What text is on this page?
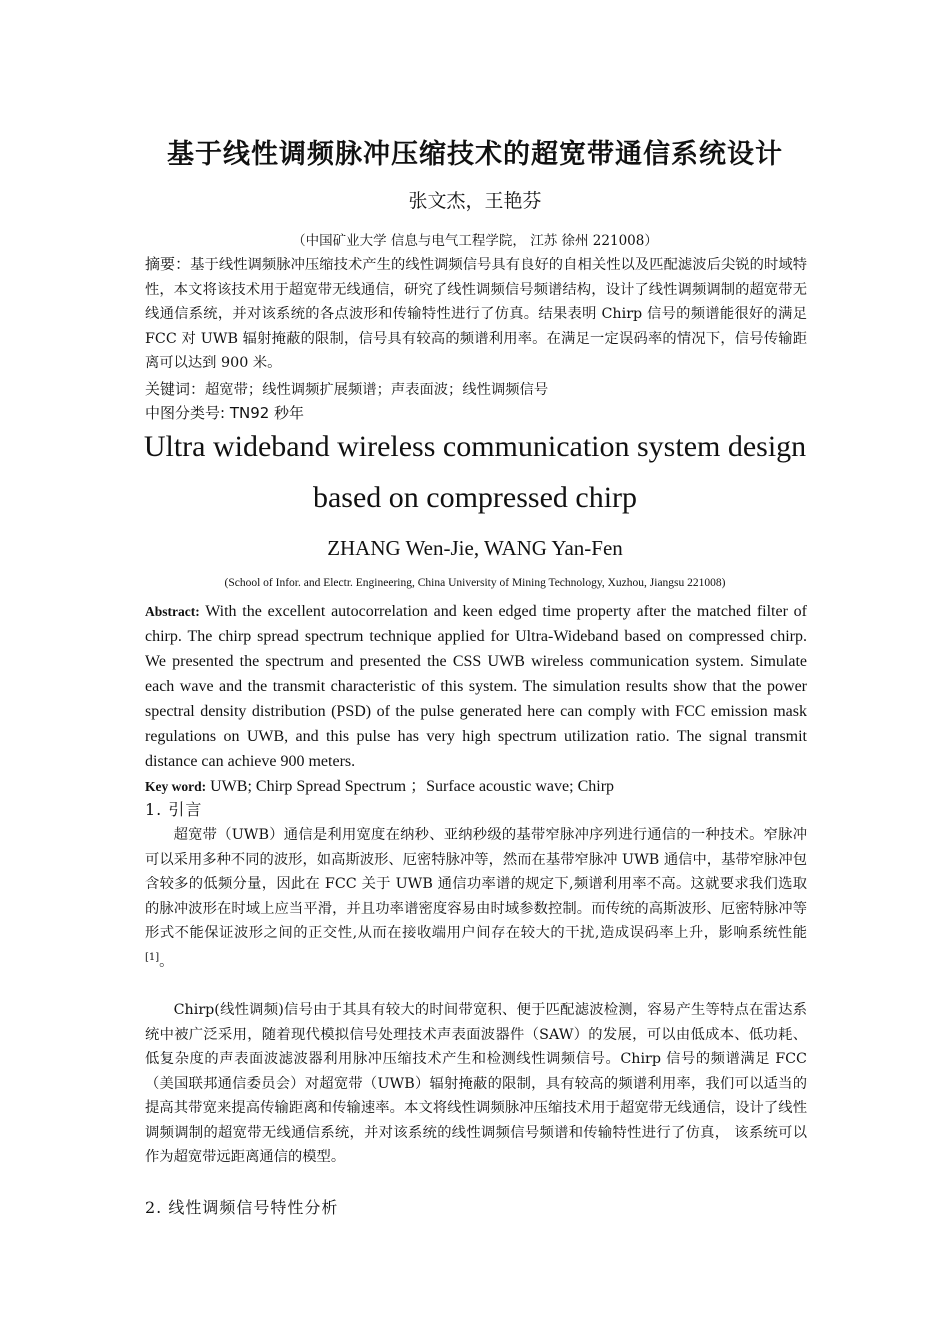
基于线性调频脉冲压缩技术的超宽带通信系统设计
张文杰，王艳芬
（中国矿业大学 信息与电气工程学院， 江苏 徐州 221008）

摘要：基于线性调频脉冲压缩技术产生的线性调频信号具有良好的自相关性以及匹配滤波后尖锐的时域特性，本文将该技术用于超宽带无线通信，研究了线性调频信号频谱结构，设计了线性调频调制的超宽带无线通信系统，并对该系统的各点波形和传输特性进行了仿真。结果表明 Chirp 信号的频谱能很好的满足 FCC 对 UWB 辐射掩蔽的限制，信号具有较高的频谱利用率。在满足一定误码率的情况下，信号传输距离可以达到 900 米。

关键词：超宽带；线性调频扩展频谱；声表面波；线性调频信号

中图分类号: TN92 秒年

Ultra wideband wireless communication system design
based on compressed chirp
ZHANG Wen-Jie, WANG Yan-Fen
(School of Infor. and Electr. Engineering, China University of Mining Technology, Xuzhou, Jiangsu 221008)

Abstract: With the excellent autocorrelation and keen edged time property after the matched filter of chirp. The chirp spread spectrum technique applied for Ultra-Wideband based on compressed chirp. We presented the spectrum and presented the CSS UWB wireless communication system. Simulate each wave and the transmit characteristic of this system. The simulation results show that the power spectral density distribution (PSD) of the pulse generated here can comply with FCC emission mask regulations on UWB, and this pulse has very high spectrum utilization ratio. The signal transmit distance can achieve 900 meters.

Key word: UWB; Chirp Spread Spectrum ；Surface acoustic wave; Chirp

1. 引言

超宽带（UWB）通信是利用宽度在纳秒、亚纳秒级的基带窄脉冲序列进行通信的一种技术。窄脉冲可以采用多种不同的波形，如高斯波形、厄密特脉冲等，然而在基带窄脉冲 UWB 通信中，基带窄脉冲包含较多的低频分量，因此在 FCC 关于 UWB 通信功率谱的规定下,频谱利用率不高。这就要求我们选取的脉冲波形在时域上应当平滑，并且功率谱密度容易由时域参数控制。而传统的高斯波形、厄密特脉冲等形式不能保证波形之间的正交性,从而在接收端用户间存在较大的干扰,造成误码率上升，影响系统性能[1]。

Chirp(线性调频)信号由于其具有较大的时间带宽积、便于匹配滤波检测，容易产生等特点在雷达系统中被广泛采用，随着现代模拟信号处理技术声表面波器件（SAW）的发展，可以由低成本、低功耗、低复杂度的声表面波滤波器利用脉冲压缩技术产生和检测线性调频信号。Chirp 信号的频谱满足 FCC（美国联邦通信委员会）对超宽带（UWB）辐射掩蔽的限制，具有较高的频谱利用率，我们可以适当的提高其带宽来提高传输距离和传输速率。本文将线性调频脉冲压缩技术用于超宽带无线通信，设计了线性调频调制的超宽带无线通信系统，并对该系统的线性调频信号频谱和传输特性进行了仿真， 该系统可以作为超宽带远距离通信的模型。

2. 线性调频信号特性分析
